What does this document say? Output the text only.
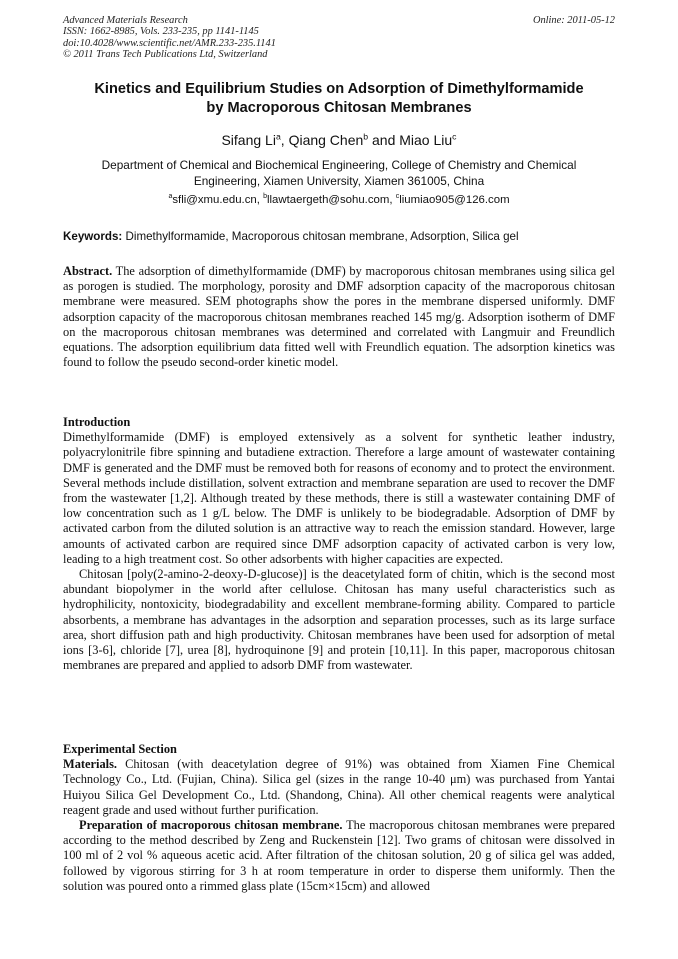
Advanced Materials Research
ISSN: 1662-8985, Vols. 233-235, pp 1141-1145
doi:10.4028/www.scientific.net/AMR.233-235.1141
© 2011 Trans Tech Publications Ltd, Switzerland
Online: 2011-05-12
Kinetics and Equilibrium Studies on Adsorption of Dimethylformamide
by Macroporous Chitosan Membranes
Sifang Li$^a$, Qiang Chen$^b$ and Miao Liu$^c$
Department of Chemical and Biochemical Engineering, College of Chemistry and Chemical
Engineering, Xiamen University, Xiamen 361005, China
$^a$sfli@xmu.edu.cn, $^b$llawtaergeth@sohu.com, $^c$liumiao905@126.com
Keywords: Dimethylformamide, Macroporous chitosan membrane, Adsorption, Silica gel

Abstract. The adsorption of dimethylformamide (DMF) by macroporous chitosan membranes using silica gel as porogen is studied. The morphology, porosity and DMF adsorption capacity of the macroporous chitosan membrane were measured. SEM photographs show the pores in the membrane dispersed uniformly. DMF adsorption capacity of the macroporous chitosan membranes reached 145 mg/g. Adsorption isotherm of DMF on the macroporous chitosan membranes was determined and correlated with Langmuir and Freundlich equations. The adsorption equilibrium data fitted well with Freundlich equation. The adsorption kinetics was found to follow the pseudo second-order kinetic model.

Introduction

Dimethylformamide (DMF) is employed extensively as a solvent for synthetic leather industry, polyacrylonitrile fibre spinning and butadiene extraction. Therefore a large amount of wastewater containing DMF is generated and the DMF must be removed both for reasons of economy and to protect the environment. Several methods include distillation, solvent extraction and membrane separation are used to recover the DMF from the wastewater [1,2]. Although treated by these methods, there is still a wastewater containing DMF of low concentration such as 1 g/L below. The DMF is unlikely to be biodegradable. Adsorption of DMF by activated carbon from the diluted solution is an attractive way to reach the emission standard. However, large amounts of activated carbon are required since DMF adsorption capacity of activated carbon is very low, leading to a high treatment cost. So other adsorbents with higher capacities are expected.

Chitosan [poly(2-amino-2-deoxy-D-glucose)] is the deacetylated form of chitin, which is the second most abundant biopolymer in the world after cellulose. Chitosan has many useful characteristics such as hydrophilicity, nontoxicity, biodegradability and excellent membrane-forming ability. Compared to particle absorbents, a membrane has advantages in the adsorption and separation processes, such as its large surface area, short diffusion path and high productivity. Chitosan membranes have been used for adsorption of metal ions [3-6], chloride [7], urea [8], hydroquinone [9] and protein [10,11]. In this paper, macroporous chitosan membranes are prepared and applied to adsorb DMF from wastewater.

Experimental Section

Materials. Chitosan (with deacetylation degree of 91%) was obtained from Xiamen Fine Chemical Technology Co., Ltd. (Fujian, China). Silica gel (sizes in the range 10-40 μm) was purchased from Yantai Huiyou Silica Gel Development Co., Ltd. (Shandong, China). All other chemical reagents were analytical reagent grade and used without further purification.

Preparation of macroporous chitosan membrane. The macroporous chitosan membranes were prepared according to the method described by Zeng and Ruckenstein [12]. Two grams of chitosan were dissolved in 100 ml of 2 vol % aqueous acetic acid. After filtration of the chitosan solution, 20 g of silica gel was added, followed by vigorous stirring for 3 h at room temperature in order to disperse them uniformly. Then the solution was poured onto a rimmed glass plate (15cm×15cm) and allowed
